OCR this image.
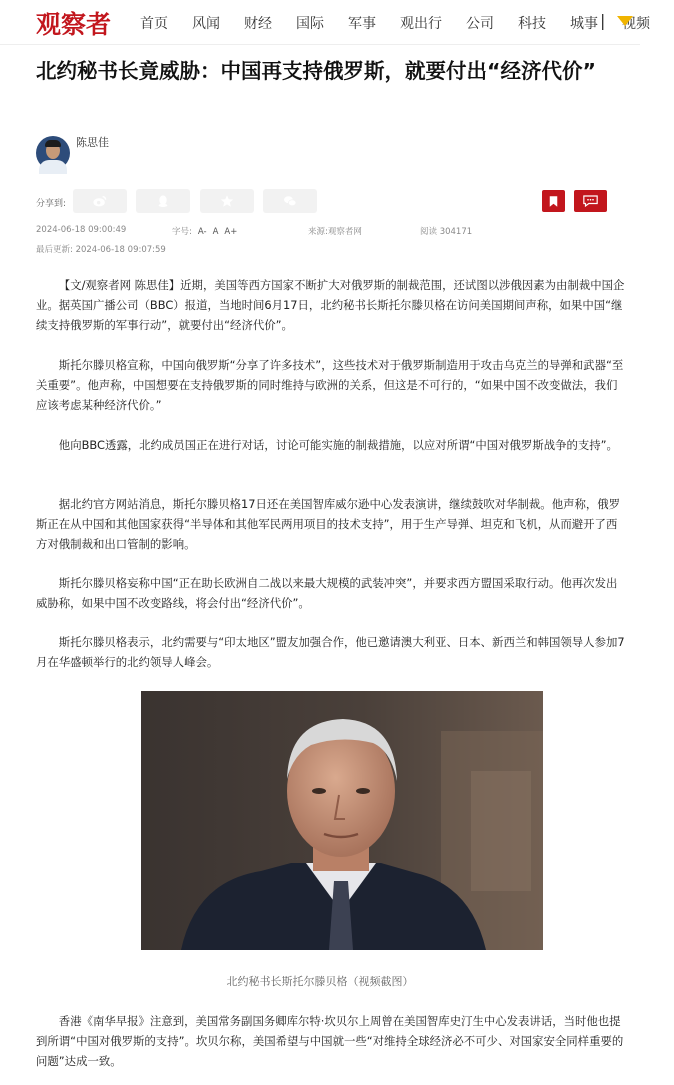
观察者 首页 风闻 财经 国际 军事 观出行 公司 科技 城事 视频
|
北约秘书长竟威胁：中国再支持俄罗斯，就要付出“经济代价”
陈思佳
分享到:
2024-06-18 09:00:49	字号: A- A A+	来源:观察者网	阅读 304171
最后更新: 2024-06-18 09:07:59

【文/观察者网 陈思佳】近期，美国等西方国家不断扩大对俄罗斯的制裁范围，还试图以涉俄因素为由制裁中国企业。据英国广播公司（BBC）报道，当地时间6月17日，北约秘书长斯托尔滕贝格在访问美国期间声称，如果中国“继续支持俄罗斯的军事行动”，就要付出“经济代价”。

斯托尔滕贝格宣称，中国向俄罗斯“分享了许多技术”，这些技术对于俄罗斯制造用于攻击乌克兰的导弹和武器“至关重要”。他声称，中国想要在支持俄罗斯的同时维持与欧洲的关系，但这是不可行的，“如果中国不改变做法，我们应该考虑某种经济代价。”

他向BBC透露，北约成员国正在进行对话，讨论可能实施的制裁措施，以应对所谓“中国对俄罗斯战争的支持”。

据北约官方网站消息，斯托尔滕贝格17日还在美国智库威尔逊中心发表演讲，继续鼓吹对华制裁。他声称，俄罗斯正在从中国和其他国家获得“半导体和其他军民两用项目的技术支持”，用于生产导弹、坦克和飞机，从而避开了西方对俄制裁和出口管制的影响。

斯托尔滕贝格妄称中国“正在助长欧洲自二战以来最大规模的武装冲突”，并要求西方盟国采取行动。他再次发出威胁称，如果中国不改变路线，将会付出“经济代价”。

斯托尔滕贝格表示，北约需要与“印太地区”盟友加强合作，他已邀请澳大利亚、日本、新西兰和韩国领导人参加7月在华盛顿举行的北约领导人峰会。

北约秘书长斯托尔滕贝格（视频截图）

香港《南华早报》注意到，美国常务副国务卿库尔特·坎贝尔上周曾在美国智库史汀生中心发表讲话，当时他也提到所谓“中国对俄罗斯的支持”。坎贝尔称，美国希望与中国就一些“对维持全球经济必不可少、对国家安全同样重要的问题”达成一致。
